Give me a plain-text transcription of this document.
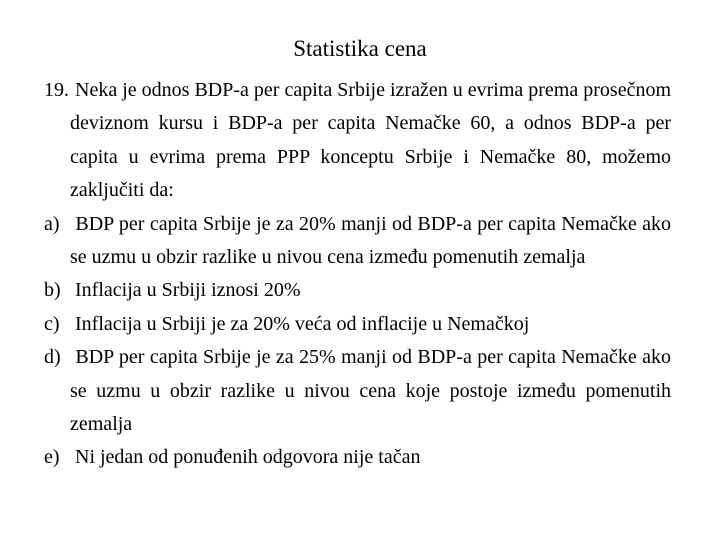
Statistika cena
19.  Neka je odnos BDP-a per capita Srbije izražen u evrima prema prosečnom deviznom kursu i BDP-a per capita Nemačke 60, a odnos BDP-a per capita u evrima prema PPP konceptu Srbije i Nemačke 80, možemo zaključiti da:
a)  BDP per capita Srbije je za 20% manji od BDP-a per capita Nemačke ako se uzmu u obzir razlike u nivou cena između pomenutih zemalja
b)  Inflacija u Srbiji iznosi 20%
c)  Inflacija u Srbiji je za 20% veća od inflacije u Nemačkoj
d)  BDP per capita Srbije je za 25% manji od BDP-a per capita Nemačke ako se uzmu u obzir razlike u nivou cena koje postoje između pomenutih zemalja
e)  Ni jedan od ponuđenih odgovora nije tačan
